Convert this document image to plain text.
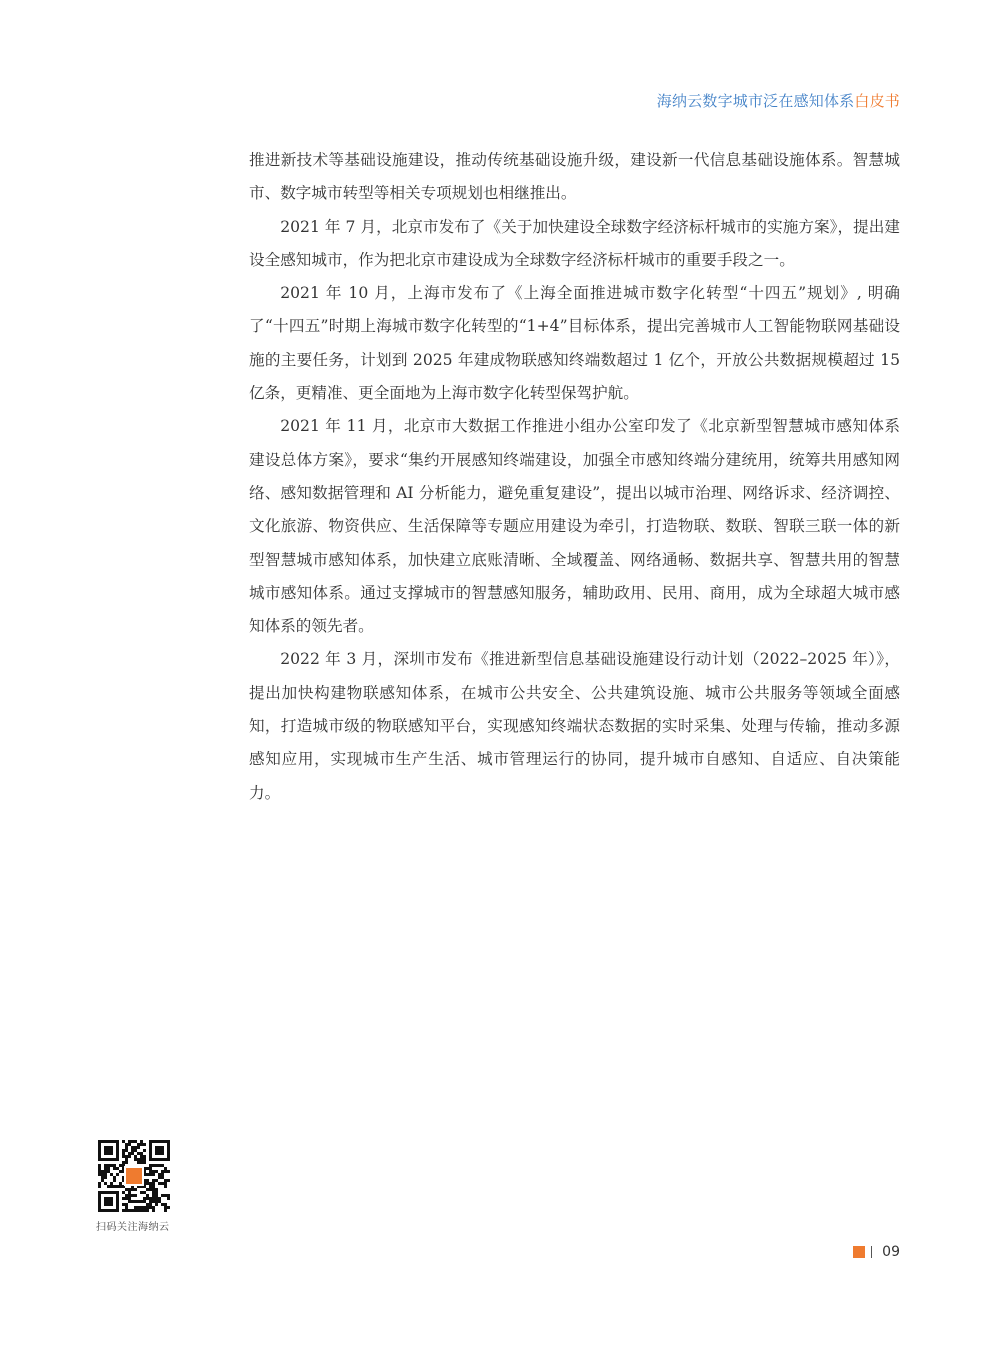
海纳云数字城市泛在感知体系白皮书

推进新技术等基础设施建设，推动传统基础设施升级，建设新一代信息基础设施体系。智慧城市、数字城市转型等相关专项规划也相继推出。

2021 年 7 月，北京市发布了《关于加快建设全球数字经济标杆城市的实施方案》，提出建设全感知城市，作为把北京市建设成为全球数字经济标杆城市的重要手段之一。

2021 年 10 月，上海市发布了《上海全面推进城市数字化转型“十四五”规划》, 明确了“十四五”时期上海城市数字化转型的“1+4”目标体系，提出完善城市人工智能物联网基础设施的主要任务，计划到 2025 年建成物联感知终端数超过 1 亿个，开放公共数据规模超过 15 亿条，更精准、更全面地为上海市数字化转型保驾护航。

2021 年 11 月，北京市大数据工作推进小组办公室印发了《北京新型智慧城市感知体系建设总体方案》，要求“集约开展感知终端建设，加强全市感知终端分建统用，统筹共用感知网络、感知数据管理和 AI 分析能力，避免重复建设”，提出以城市治理、网络诉求、经济调控、文化旅游、物资供应、生活保障等专题应用建设为牵引，打造物联、数联、智联三联一体的新型智慧城市感知体系，加快建立底账清晰、全域覆盖、网络通畅、数据共享、智慧共用的智慧城市感知体系。通过支撑城市的智慧感知服务，辅助政用、民用、商用，成为全球超大城市感知体系的领先者。

2022 年 3 月，深圳市发布《推进新型信息基础设施建设行动计划（2022–2025 年）》，提出加快构建物联感知体系，在城市公共安全、公共建筑设施、城市公共服务等领域全面感知，打造城市级的物联感知平台，实现感知终端状态数据的实时采集、处理与传输，推动多源感知应用，实现城市生产生活、城市管理运行的协同，提升城市自感知、自适应、自决策能力。

扫码关注海纳云
09
